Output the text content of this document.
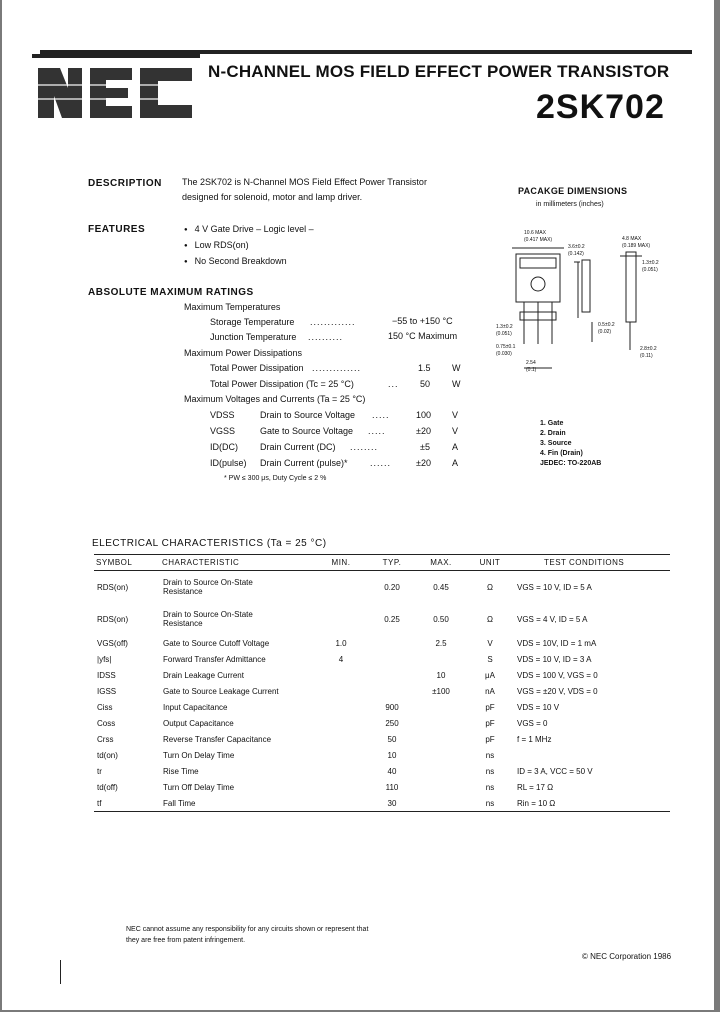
N-CHANNEL MOS FIELD EFFECT POWER TRANSISTOR
2SK702
DESCRIPTION The 2SK702 is N-Channel MOS Field Effect Power Transistor
designed for solenoid, motor and lamp driver.
FEATURES	● 4 V Gate Drive – Logic level –
● Low RDS(on)
● No Second Breakdown
ABSOLUTE MAXIMUM RATINGS
Maximum Temperatures
Storage Temperature .............	−55 to +150 °C
Junction Temperature ..........	150 °C Maximum
Maximum Power Dissipations
Total Power Dissipation ..............	1.5 W
Total Power Dissipation (Tc = 25 °C)	... 50 W
Maximum Voltages and Currents (Ta = 25 °C)
VDSS	Drain to Source Voltage .....	100 V
VGSS	Gate to Source Voltage .....	±20 V
ID(DC) Drain Current (DC) ........	±5 A
ID(pulse) Drain Current (pulse)* ......	±20 A
* PW ≤ 300 μs, Duty Cycle ≤ 2 %
PACAKGE DIMENSIONS
in millimeters (inches)
10.6 MAX
(0.417 MAX)
3.6±0.2
(0.142)
4.8 MAX
(0.189 MAX)
1.3±0.2
(0.051)
0.5±0.2
(0.02)
1.3±0.2
(0.051)
2.8±0.2
(0.11)
0.75±0.1
(0.030)
2.54
(0.1)
1. Gate
2. Drain
3. Source
4. Fin (Drain)
JEDEC: TO-220AB
ELECTRICAL CHARACTERISTICS (Ta = 25 °C)
SYMBOL	CHARACTERISTIC	MIN.	TYP.	MAX.	UNIT	TEST CONDITIONS
RDS(on)	Drain to Source On-State
Resistance		0.20	0.45	Ω	VGS = 10 V, ID = 5 A
RDS(on)	Drain to Source On-State
Resistance		0.25	0.50	Ω	VGS = 4 V, ID = 5 A
VGS(off)	Gate to Source Cutoff Voltage	1.0		2.5	V	VDS = 10V, ID = 1 mA
|yfs|	Forward Transfer Admittance	4			S	VDS = 10 V, ID = 3 A
IDSS	Drain Leakage Current			10	μA	VDS = 100 V, VGS = 0
IGSS	Gate to Source Leakage Current			±100	nA	VGS = ±20 V, VDS = 0
Ciss	Input Capacitance		900		pF	VDS = 10 V
Coss	Output Capacitance		250		pF	VGS = 0
Crss	Reverse Transfer Capacitance		50		pF	f = 1 MHz
td(on)	Turn On Delay Time		10		ns	
tr	Rise Time		40		ns	ID = 3 A, VCC = 50 V
td(off)	Turn Off Delay Time		110		ns	RL = 17 Ω
tf	Fall Time		30		ns	Rin = 10 Ω
NEC cannot assume any responsibility for any circuits shown or represent that
they are free from patent infringement.
© NEC Corporation 1986
